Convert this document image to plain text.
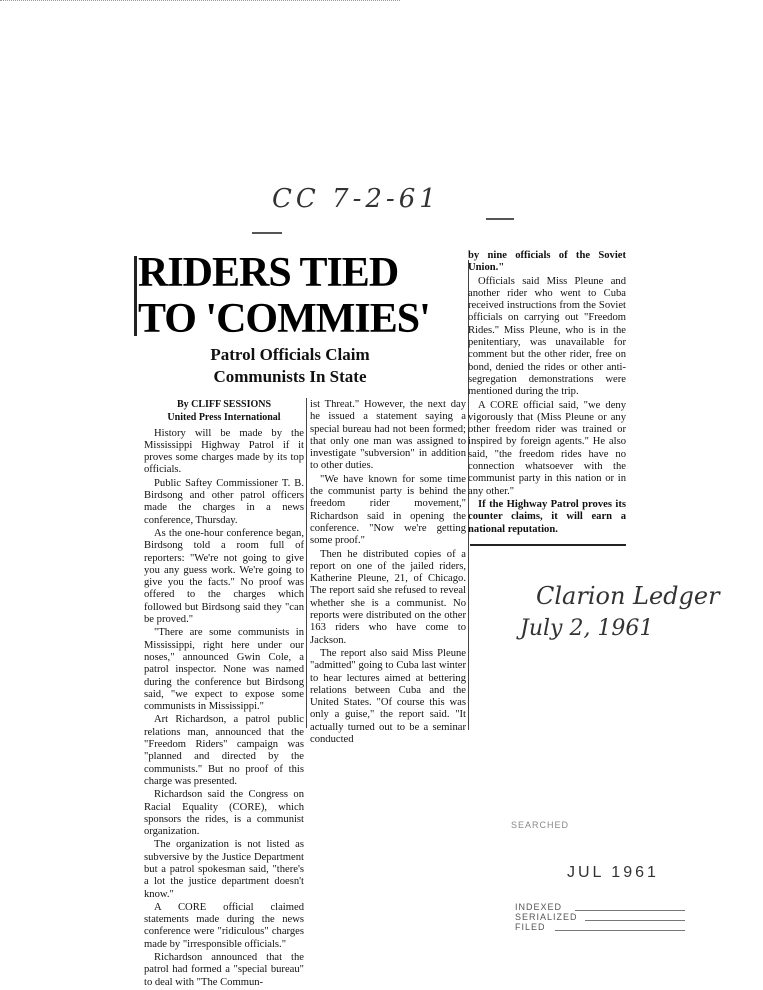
CC 7-2-61
RIDERS TIED
TO 'COMMIES'
Patrol Officials Claim
Communists In State

By CLIFF SESSIONS

United Press International

History will be made by the Mississippi Highway Patrol if it proves some charges made by its top officials.

Public Saftey Commissioner T. B. Birdsong and other patrol officers made the charges in a news conference, Thursday.

As the one-hour conference began, Birdsong told a room full of reporters: "We're not going to give you any guess work. We're going to give you the facts." No proof was offered to the charges which followed but Birdsong said they "can be proved."

"There are some communists in Mississippi, right here under our noses," announced Gwin Cole, a patrol inspector. None was named during the conference but Birdsong said, "we expect to expose some communists in Mississippi."

Art Richardson, a patrol public relations man, announced that the "Freedom Riders" campaign was "planned and directed by the communists." But no proof of this charge was presented.

Richardson said the Congress on Racial Equality (CORE), which sponsors the rides, is a communist organization.

The organization is not listed as subversive by the Justice Department but a patrol spokesman said, "there's a lot the justice department doesn't know."

A CORE official claimed statements made during the news conference were "ridiculous" charges made by "irresponsible officials."

Richardson announced that the patrol had formed a "special bureau" to deal with "The Commun-

ist Threat." However, the next day he issued a statement saying a special bureau had not been formed; that only one man was assigned to investigate "subversion" in addition to other duties.

"We have known for some time the communist party is behind the freedom rider movement," Richardson said in opening the conference. "Now we're getting some proof."

Then he distributed copies of a report on one of the jailed riders, Katherine Pleune, 21, of Chicago. The report said she refused to reveal whether she is a communist. No reports were distributed on the other 163 riders who have come to Jackson.

The report also said Miss Pleune "admitted" going to Cuba last winter to hear lectures aimed at bettering relations between Cuba and the United States. "Of course this was only a guise," the report said. "It actually turned out to be a seminar conducted

by nine officials of the Soviet Union."

Officials said Miss Pleune and another rider who went to Cuba received instructions from the Soviet officials on carrying out "Freedom Rides." Miss Pleune, who is in the penitentiary, was unavailable for comment but the other rider, free on bond, denied the rides or other anti-segregation demonstrations were mentioned during the trip.

A CORE official said, "we deny vigorously that (Miss Pleune or any other freedom rider was trained or inspired by foreign agents." He also said, "the freedom rides have no connection whatsoever with the communist party in this nation or in any other."

If the Highway Patrol proves its counter claims, it will earn a national reputation.

Clarion Ledger
July 2, 1961
SEARCHED
JUL 1961
INDEXED
SERIALIZED
FILED
